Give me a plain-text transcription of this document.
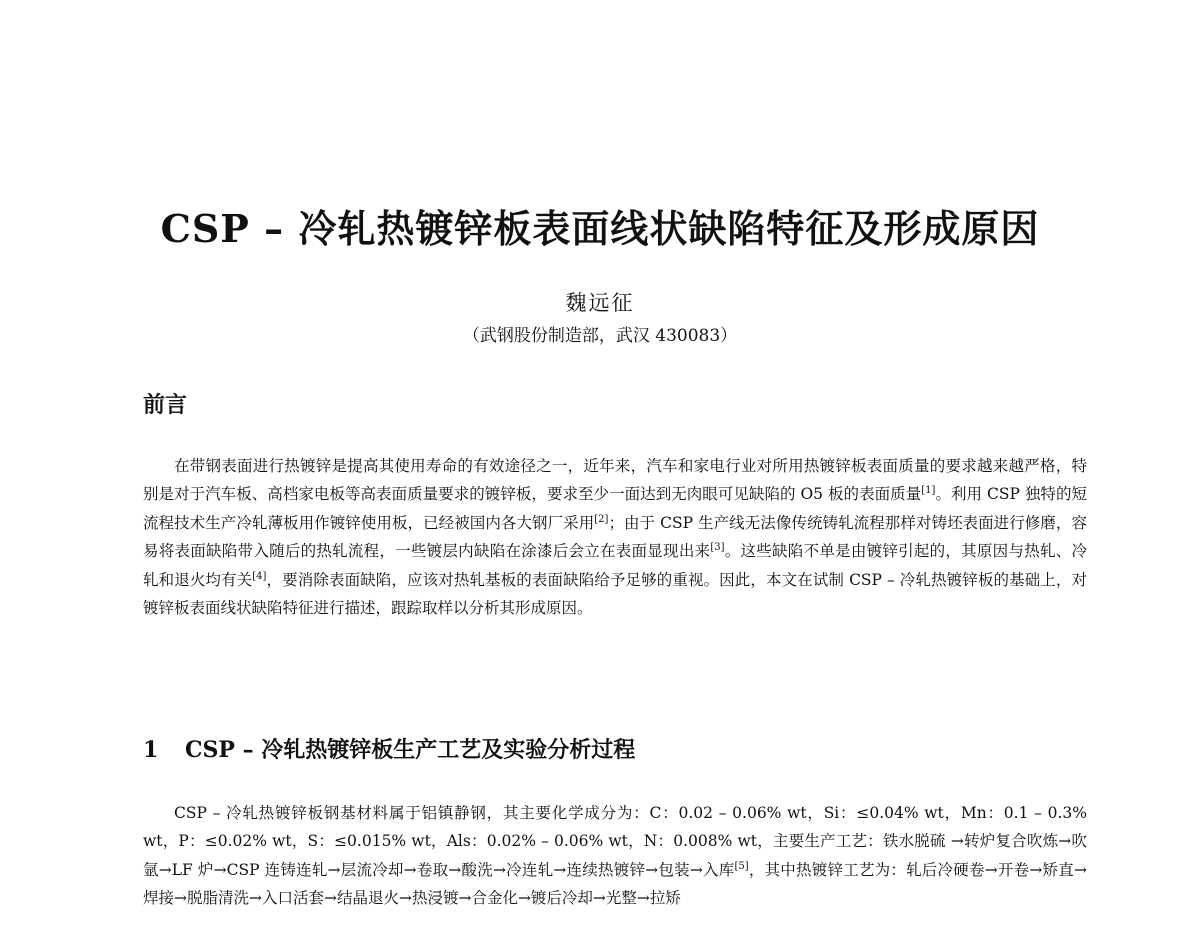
CSP – 冷轧热镀锌板表面线状缺陷特征及形成原因
魏远征
（武钢股份制造部，武汉 430083）
前言

在带钢表面进行热镀锌是提高其使用寿命的有效途径之一，近年来，汽车和家电行业对所用热镀锌板表面质量的要求越来越严格，特别是对于汽车板、高档家电板等高表面质量要求的镀锌板，要求至少一面达到无肉眼可见缺陷的 O5 板的表面质量[1]。利用 CSP 独特的短流程技术生产冷轧薄板用作镀锌使用板，已经被国内各大钢厂采用[2]；由于 CSP 生产线无法像传统铸轧流程那样对铸坯表面进行修磨，容易将表面缺陷带入随后的热轧流程，一些镀层内缺陷在涂漆后会立在表面显现出来[3]。这些缺陷不单是由镀锌引起的，其原因与热轧、冷轧和退火均有关[4]，要消除表面缺陷，应该对热轧基板的表面缺陷给予足够的重视。因此，本文在试制 CSP – 冷轧热镀锌板的基础上，对镀锌板表面线状缺陷特征进行描述，跟踪取样以分析其形成原因。

1 CSP – 冷轧热镀锌板生产工艺及实验分析过程

CSP – 冷轧热镀锌板钢基材料属于铝镇静钢，其主要化学成分为：C：0.02 – 0.06% wt，Si：≤0.04% wt，Mn：0.1 – 0.3% wt，P：≤0.02% wt，S：≤0.015% wt，Als：0.02% – 0.06% wt，N：0.008% wt，主要生产工艺：铁水脱硫 →转炉复合吹炼→吹氩→LF 炉→CSP 连铸连轧→层流冷却→卷取→酸洗→冷连轧→连续热镀锌→包装→入库[5]，其中热镀锌工艺为：轧后冷硬卷→开卷→矫直→焊接→脱脂清洗→入口活套→结晶退火→热浸镀→合金化→镀后冷却→光整→拉矫
